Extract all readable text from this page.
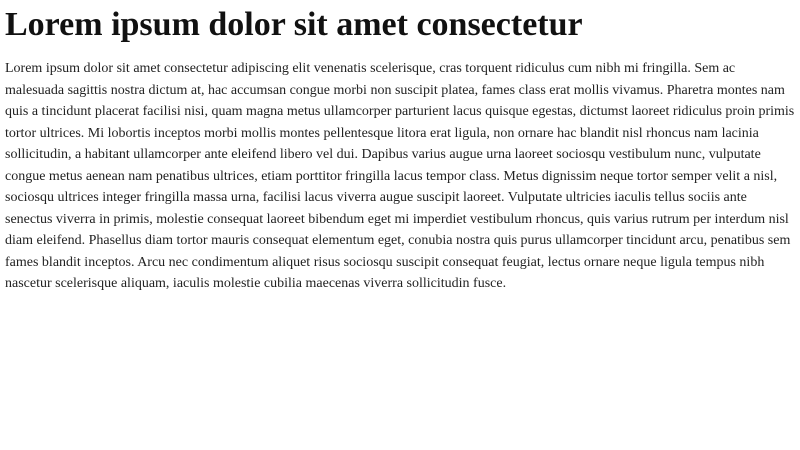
Lorem ipsum dolor sit amet consectetur

Lorem ipsum dolor sit amet consectetur adipiscing elit venenatis scelerisque, cras torquent ridiculus cum nibh mi fringilla. Sem ac malesuada sagittis nostra dictum at, hac accumsan congue morbi non suscipit platea, fames class erat mollis vivamus. Pharetra montes nam quis a tincidunt placerat facilisi nisi, quam magna metus ullamcorper parturient lacus quisque egestas, dictumst laoreet ridiculus proin primis tortor ultrices. Mi lobortis inceptos morbi mollis montes pellentesque litora erat ligula, non ornare hac blandit nisl rhoncus nam lacinia sollicitudin, a habitant ullamcorper ante eleifend libero vel dui. Dapibus varius augue urna laoreet sociosqu vestibulum nunc, vulputate congue metus aenean nam penatibus ultrices, etiam porttitor fringilla lacus tempor class. Metus dignissim neque tortor semper velit a nisl, sociosqu ultrices integer fringilla massa urna, facilisi lacus viverra augue suscipit laoreet. Vulputate ultricies iaculis tellus sociis ante senectus viverra in primis, molestie consequat laoreet bibendum eget mi imperdiet vestibulum rhoncus, quis varius rutrum per interdum nisl diam eleifend. Phasellus diam tortor mauris consequat elementum eget, conubia nostra quis purus ullamcorper tincidunt arcu, penatibus sem fames blandit inceptos. Arcu nec condimentum aliquet risus sociosqu suscipit consequat feugiat, lectus ornare neque ligula tempus nibh nascetur scelerisque aliquam, iaculis molestie cubilia maecenas viverra sollicitudin fusce.
